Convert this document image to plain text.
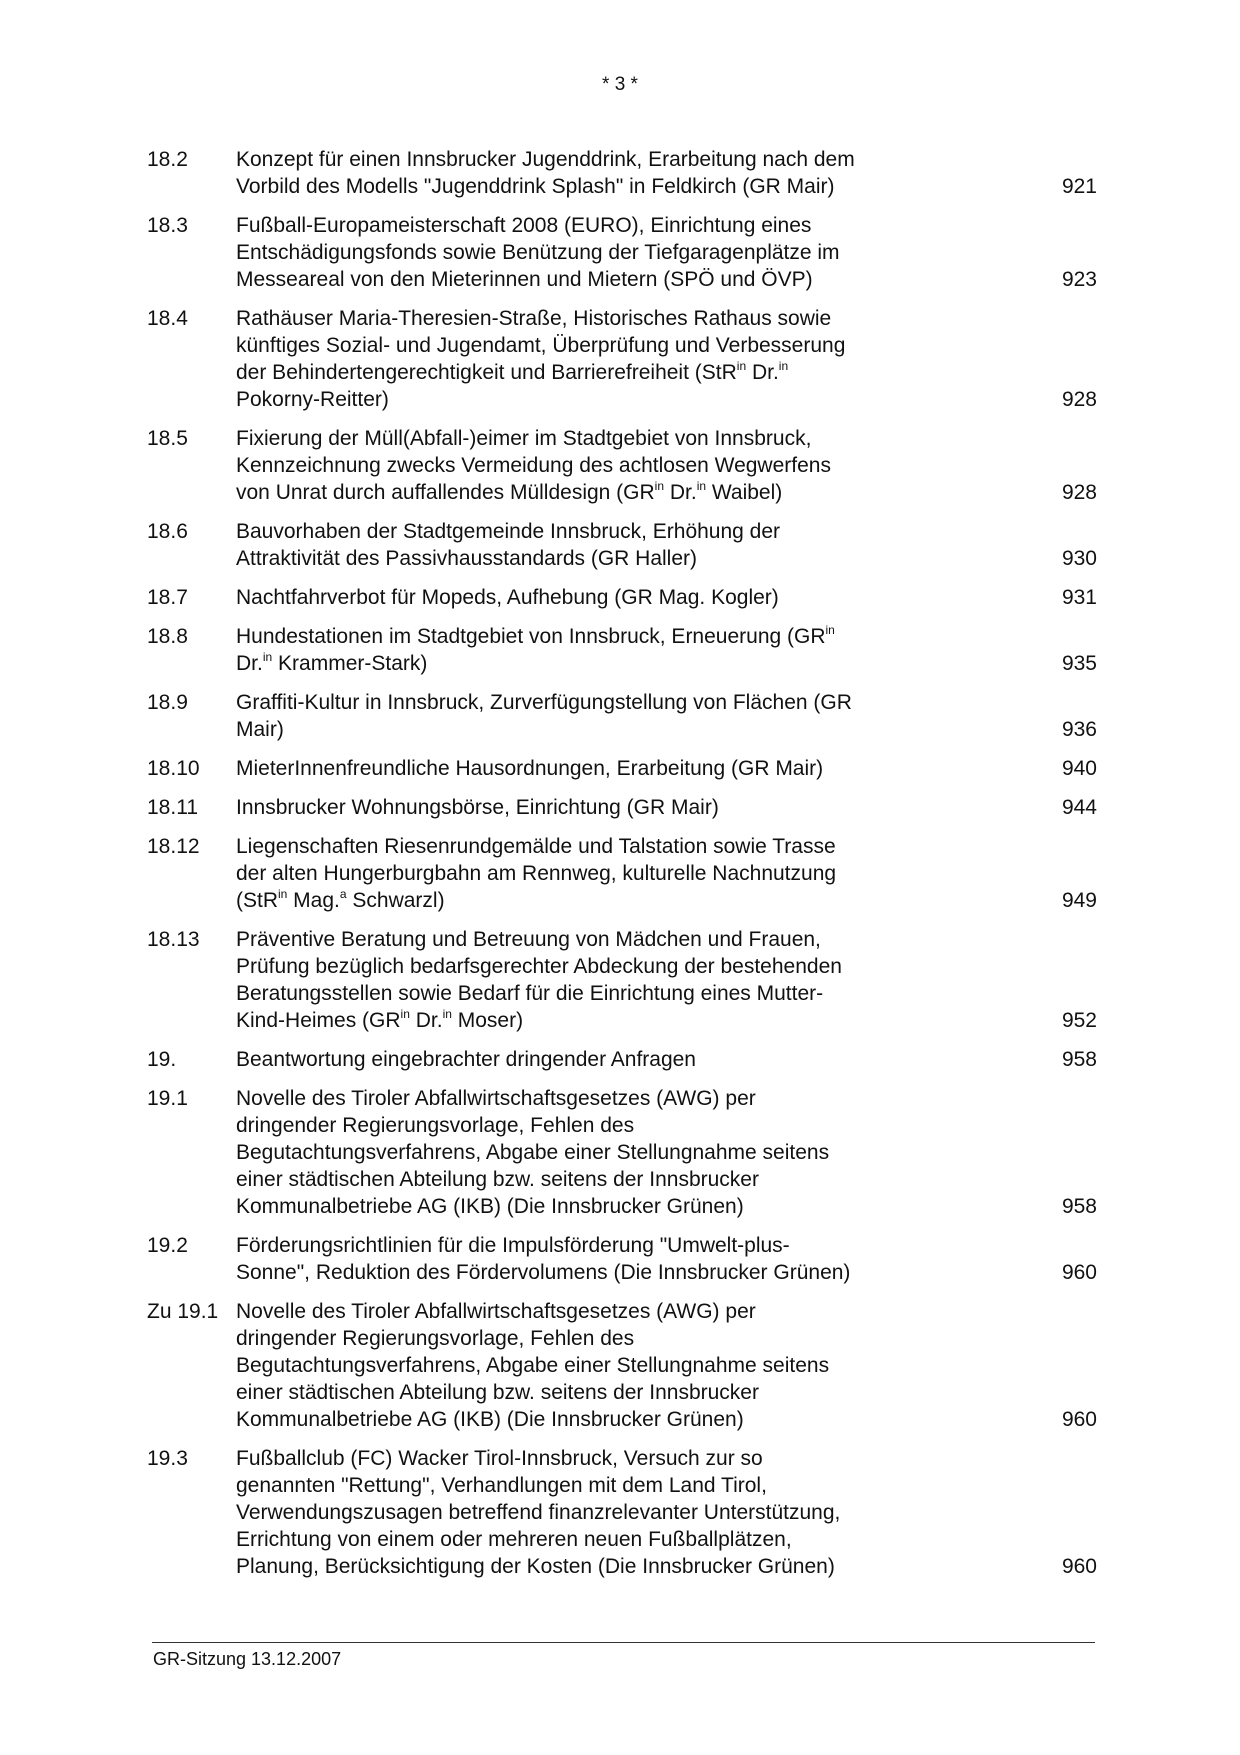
* 3 *
18.2	Konzept für einen Innsbrucker Jugenddrink, Erarbeitung nach dem
Vorbild des Modells "Jugenddrink Splash" in Feldkirch (GR Mair)	921
18.3	Fußball-Europameisterschaft 2008 (EURO), Einrichtung eines
Entschädigungsfonds sowie Benützung der Tiefgaragenplätze im
Messeareal von den Mieterinnen und Mietern (SPÖ und ÖVP)	923
18.4	Rathäuser Maria-Theresien-Straße, Historisches Rathaus sowie
künftiges Sozial- und Jugendamt, Überprüfung und Verbesserung
der Behindertengerechtigkeit und Barrierefreiheit (StR$^{in}$ Dr.$^{in}$
Pokorny-Reitter)	928
18.5	Fixierung der Müll(Abfall-)eimer im Stadtgebiet von Innsbruck,
Kennzeichnung zwecks Vermeidung des achtlosen Wegwerfens
von Unrat durch auffallendes Mülldesign ($GR^{in}$ Dr.$^{in}$ Waibel)	928
18.6	Bauvorhaben der Stadtgemeinde Innsbruck, Erhöhung der
Attraktivität des Passivhausstandards (GR Haller)	930
18.7	Nachtfahrverbot für Mopeds, Aufhebung (GR Mag. Kogler)	931
18.8	Hundestationen im Stadtgebiet von Innsbruck, Erneuerung ($GR^{in}$
Dr.$^{in}$ Krammer-Stark)	935
18.9	Graffiti-Kultur in Innsbruck, Zurverfügungstellung von Flächen (GR
Mair)	936
18.10	MieterInnenfreundliche Hausordnungen, Erarbeitung (GR Mair)	940
18.11	Innsbrucker Wohnungsbörse, Einrichtung (GR Mair)	944
18.12	Liegenschaften Riesenrundgemälde und Talstation sowie Trasse
der alten Hungerburgbahn am Rennweg, kulturelle Nachnutzung
(StR$^{in}$ Mag.$^a$ Schwarzl)	949
18.13	Präventive Beratung und Betreuung von Mädchen und Frauen,
Prüfung bezüglich bedarfsgerechter Abdeckung der bestehenden
Beratungsstellen sowie Bedarf für die Einrichtung eines Mutter-
Kind-Heimes ($GR^{in}$ Dr.$^{in}$ Moser)	952
19.	Beantwortung eingebrachter dringender Anfragen	958
19.1	Novelle des Tiroler Abfallwirtschaftsgesetzes (AWG) per
dringender Regierungsvorlage, Fehlen des
Begutachtungsverfahrens, Abgabe einer Stellungnahme seitens
einer städtischen Abteilung bzw. seitens der Innsbrucker
Kommunalbetriebe AG (IKB) (Die Innsbrucker Grünen)	958
19.2	Förderungsrichtlinien für die Impulsförderung "Umwelt-plus-
Sonne", Reduktion des Fördervolumens (Die Innsbrucker Grünen)	960
Zu 19.1 Novelle des Tiroler Abfallwirtschaftsgesetzes (AWG) per
dringender Regierungsvorlage, Fehlen des
Begutachtungsverfahrens, Abgabe einer Stellungnahme seitens
einer städtischen Abteilung bzw. seitens der Innsbrucker
Kommunalbetriebe AG (IKB) (Die Innsbrucker Grünen)	960
19.3	Fußballclub (FC) Wacker Tirol-Innsbruck, Versuch zur so
genannten "Rettung", Verhandlungen mit dem Land Tirol,
Verwendungszusagen betreffend finanzrelevanter Unterstützung,
Errichtung von einem oder mehreren neuen Fußballplätzen,
Planung, Berücksichtigung der Kosten (Die Innsbrucker Grünen)	960
GR-Sitzung 13.12.2007
